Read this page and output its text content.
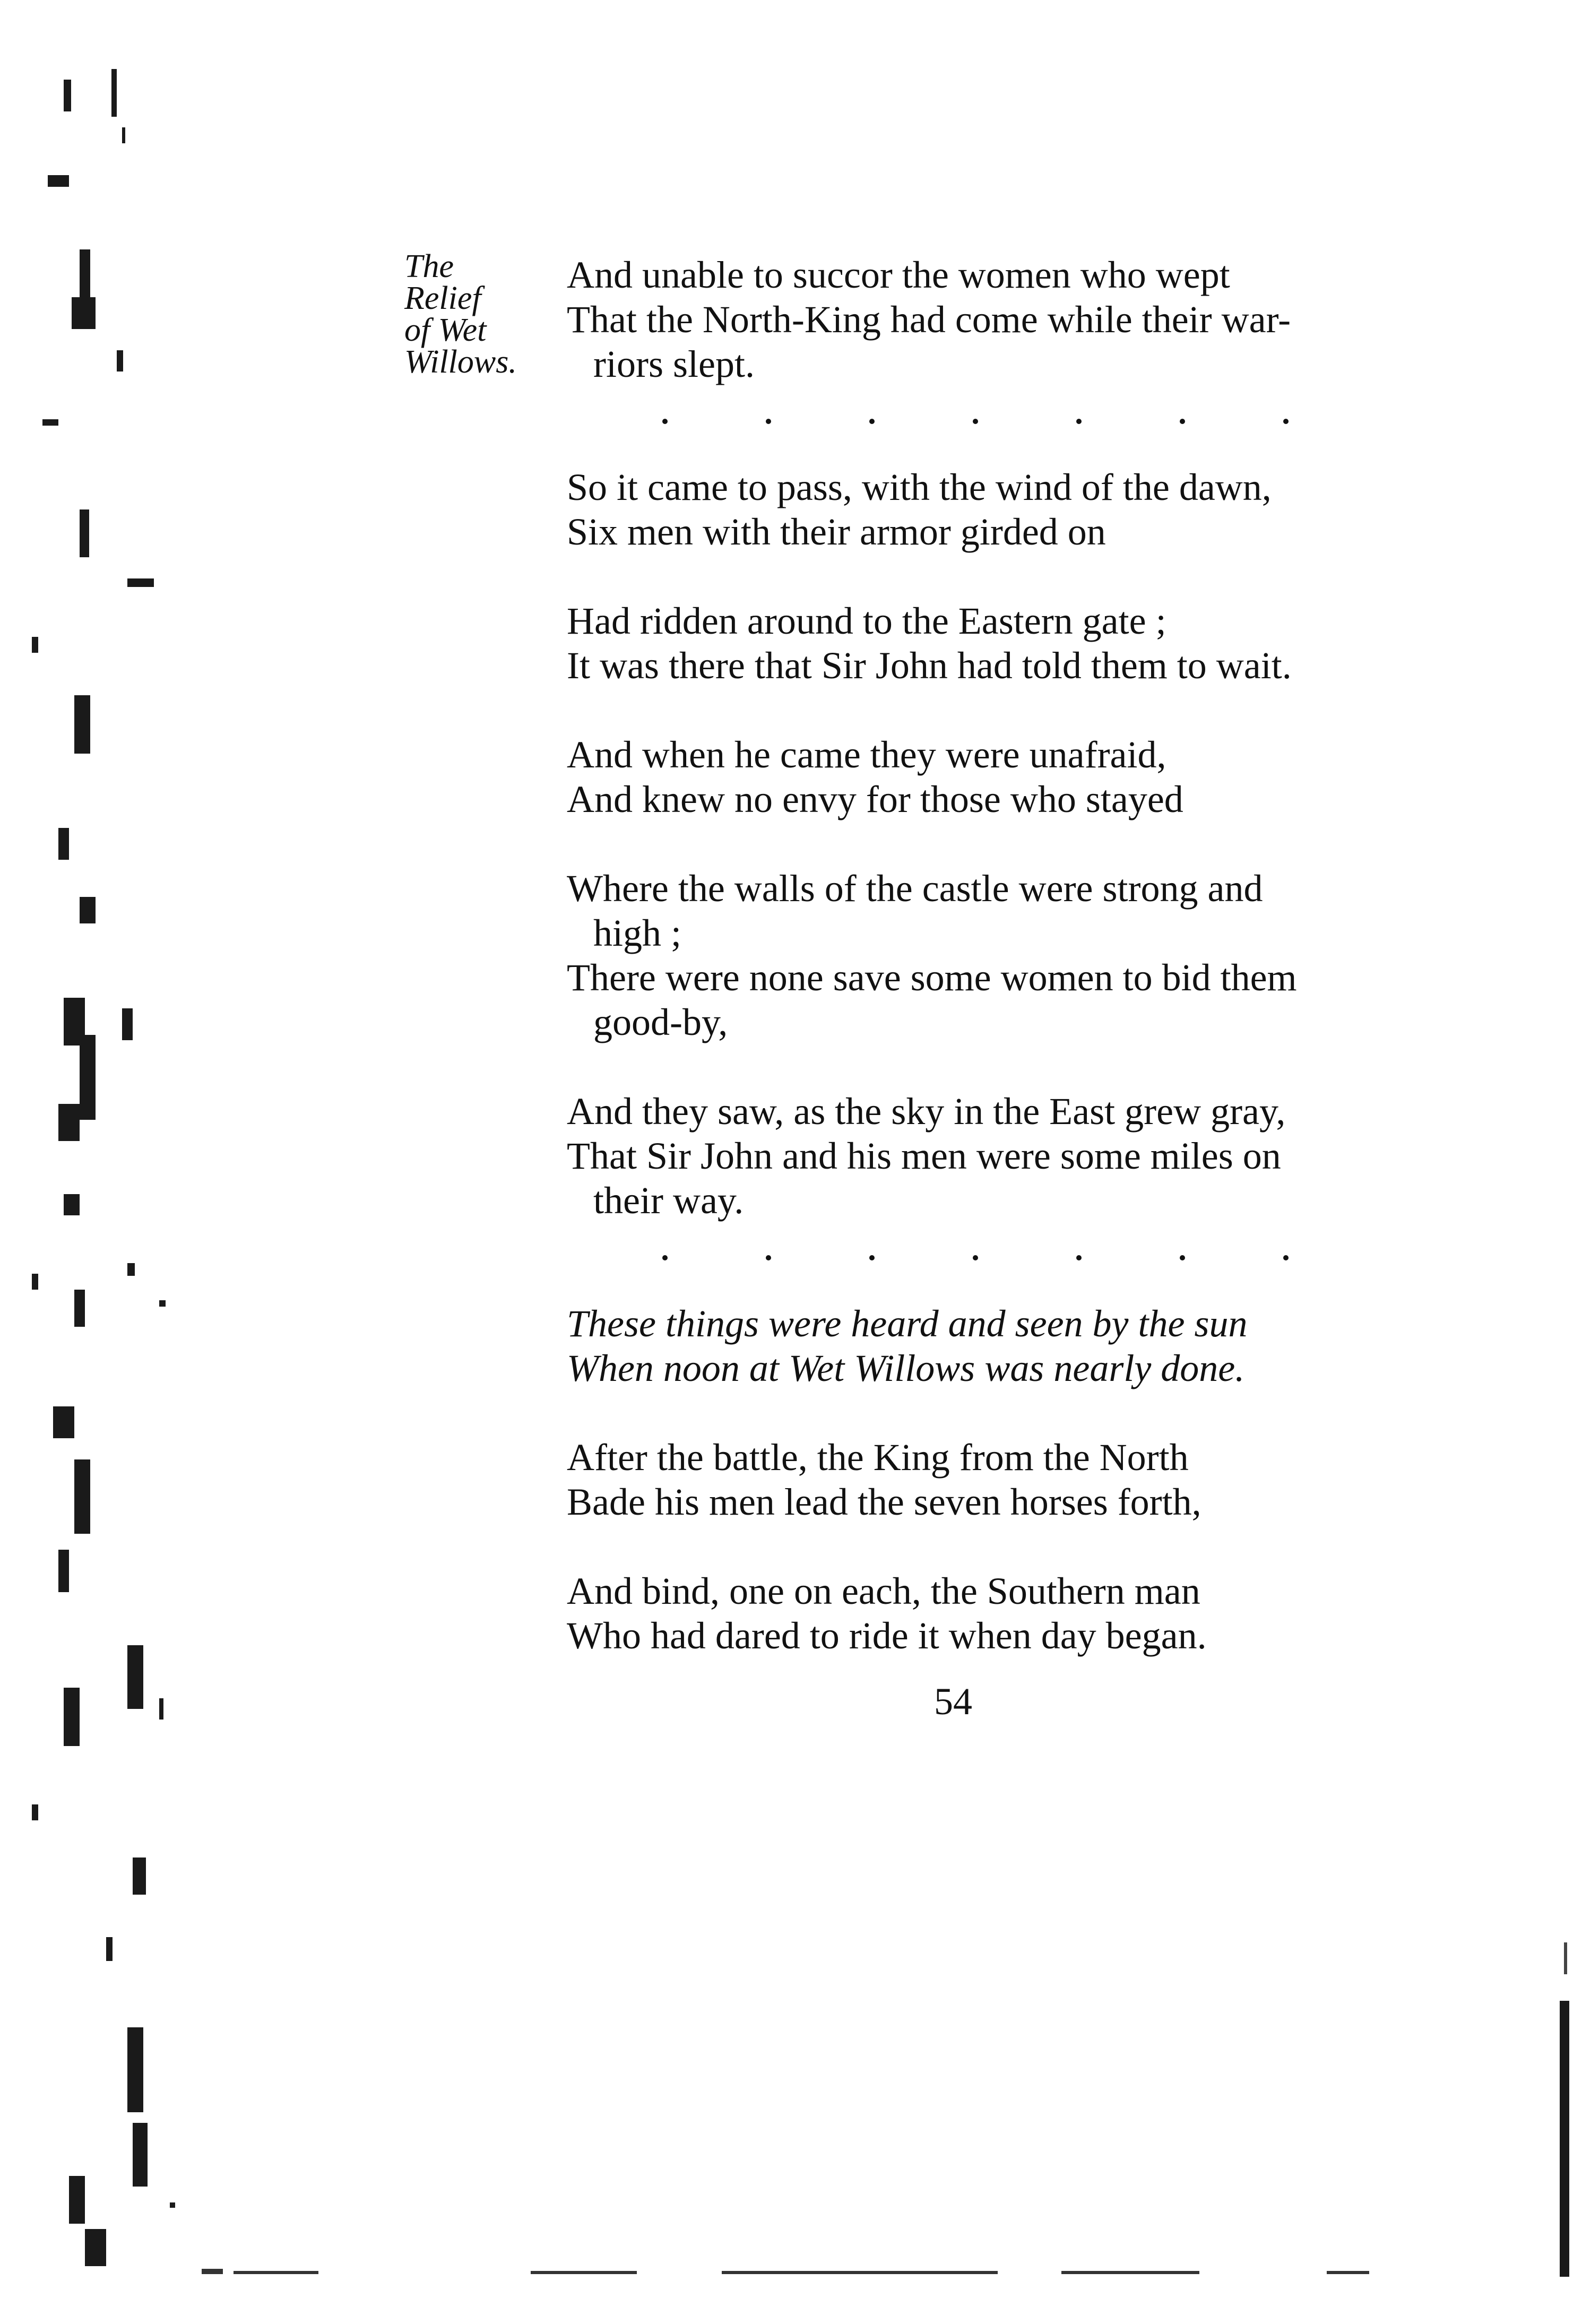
The
Relief
of Wet
Willows.
And unable to succor the women who wept
That the North-King had come while their war-
riors slept.
So it came to pass, with the wind of the dawn,
Six men with their armor girded on
Had ridden around to the Eastern gate ;
It was there that Sir John had told them to wait.
And when he came they were unafraid,
And knew no envy for those who stayed
Where the walls of the castle were strong and
high ;
There were none save some women to bid them
good-by,
And they saw, as the sky in the East grew gray,
That Sir John and his men were some miles on
their way.
These things were heard and seen by the sun
When noon at Wet Willows was nearly done.
After the battle, the King from the North
Bade his men lead the seven horses forth,
And bind, one on each, the Southern man
Who had dared to ride it when day began.
54
